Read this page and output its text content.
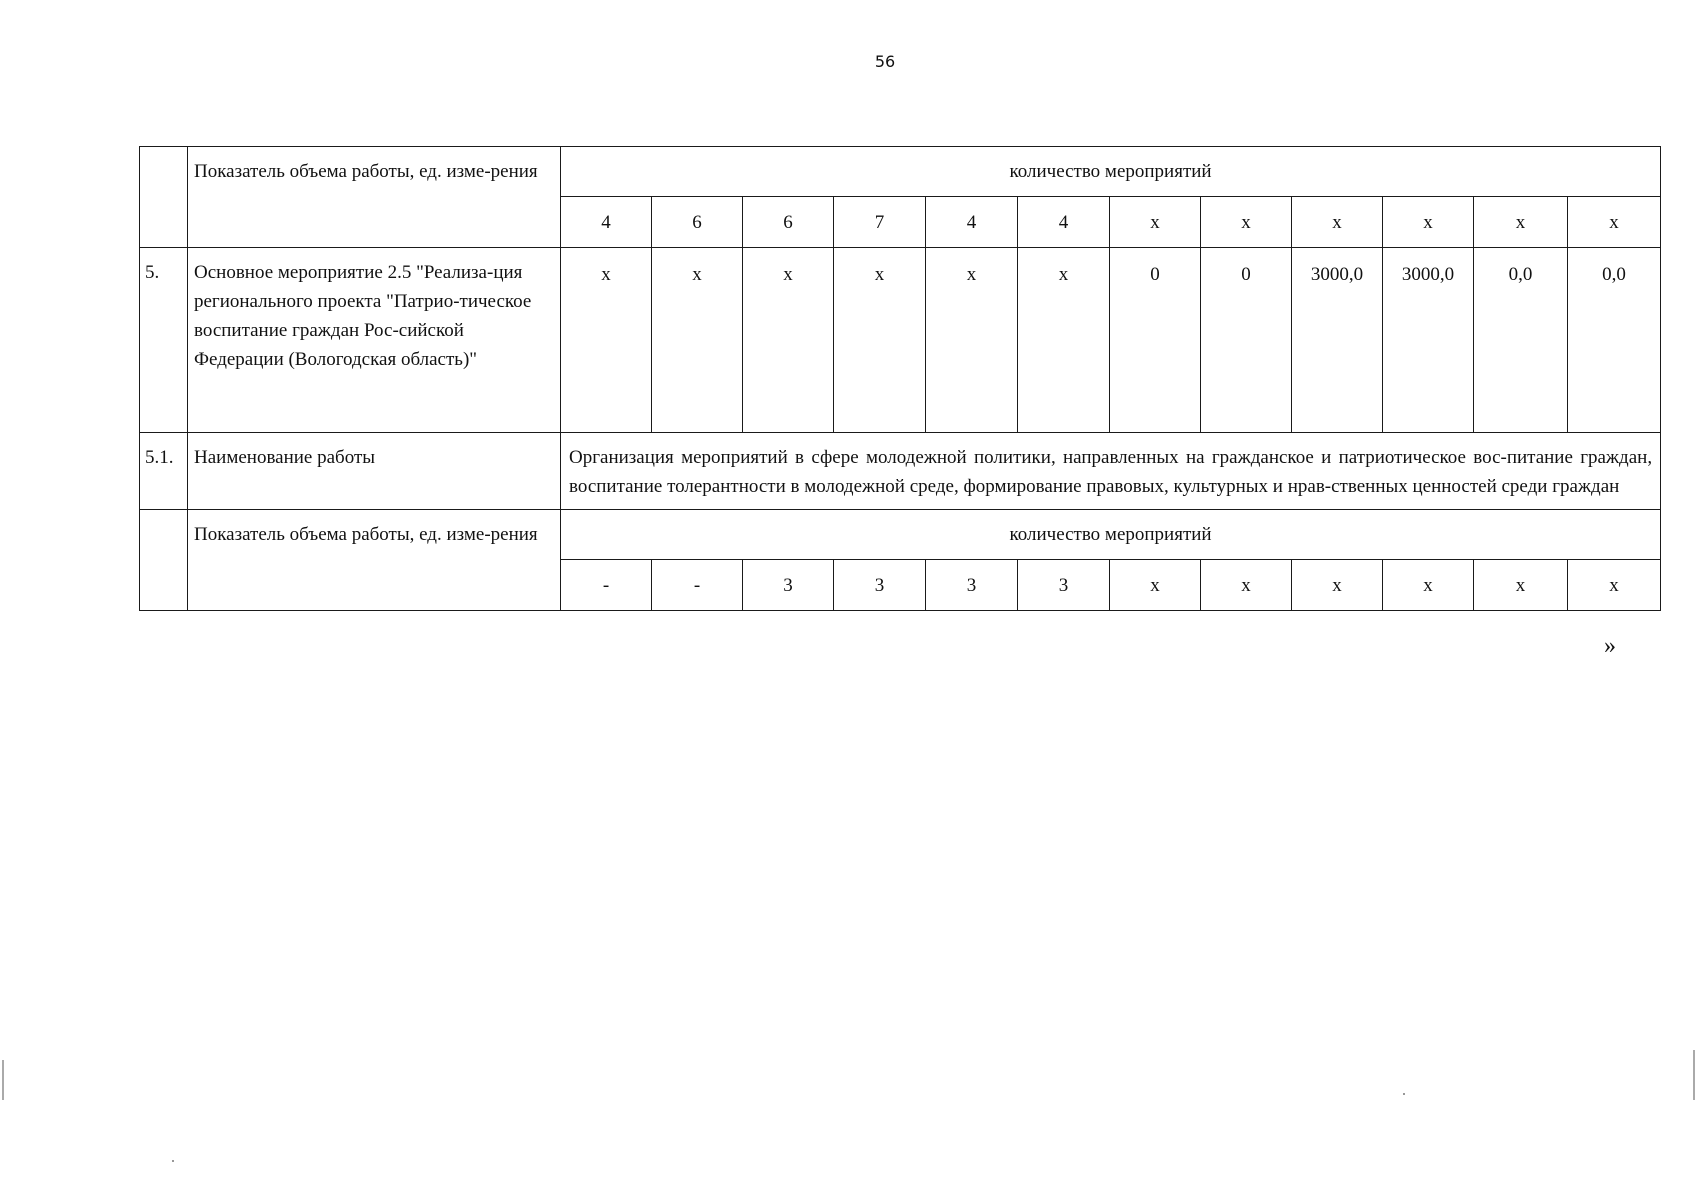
56
	Показатель объема работы, ед. изме-рения	количество мероприятий											
		4	6	6	7	4	4	х	х	х	х	х	х
5.	Основное мероприятие 2.5 "Реализа-ция регионального проекта "Патрио-тическое воспитание граждан Рос-сийской Федерации (Вологодская область)"	х	х	х	х	х	х	0	0	3000,0	3000,0	0,0	0,0
5.1.	Наименование работы	Организация мероприятий в сфере молодежной политики, направленных на гражданское и патриотическое вос-питание граждан, воспитание толерантности в молодежной среде, формирование правовых, культурных и нрав-ственных ценностей среди граждан											
	Показатель объема работы, ед. изме-рения	количество мероприятий											
		-	-	3	3	3	3	х	х	х	х	х	х
»
